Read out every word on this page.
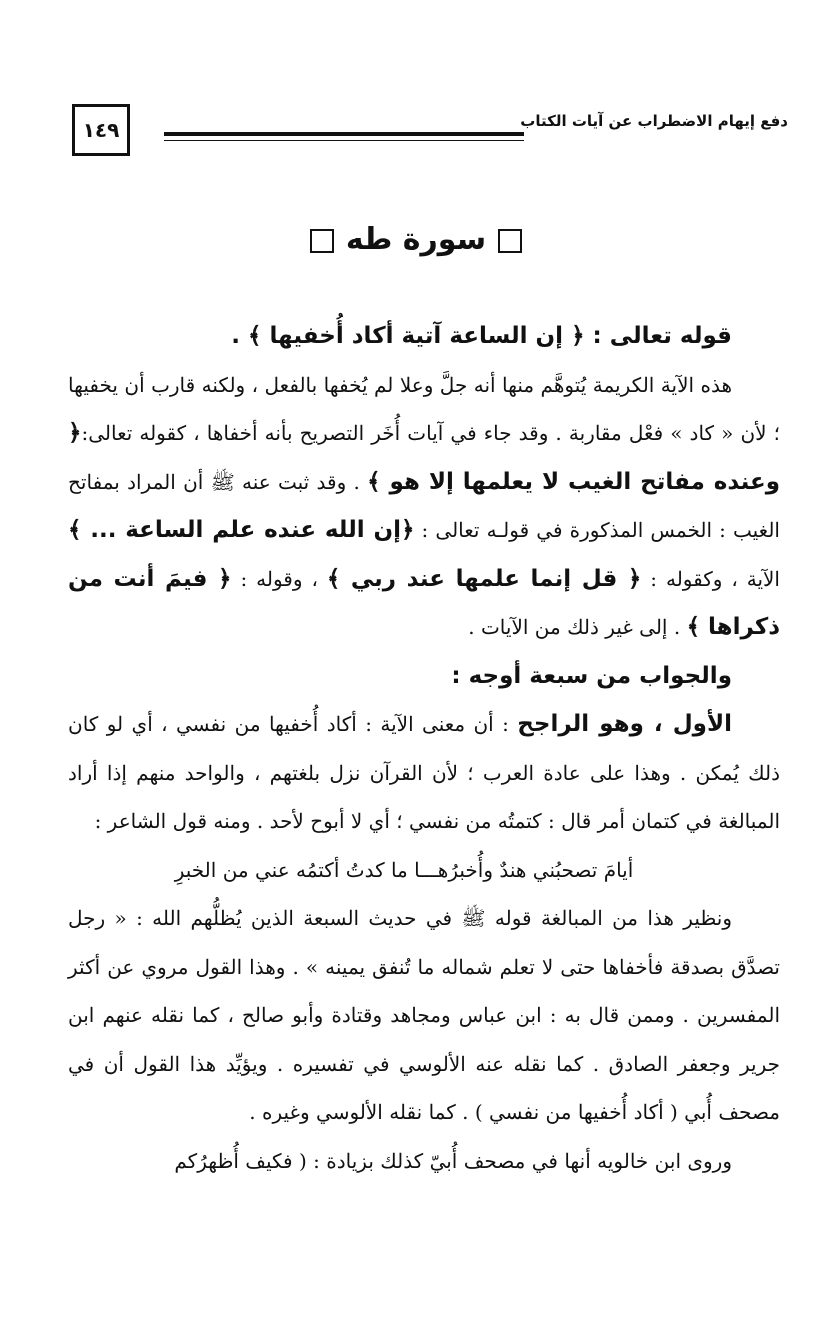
١٤٩	دفع إيهام الاضطراب عن آيات الكتاب
سورة طه

قوله تعالى : ﴿ إن الساعة آتية أكاد أُخفيها ﴾ .

هذه الآية الكريمة يُتوهَّم منها أنه جلَّ وعلا لم يُخفها بالفعل ، ولكنه قارب أن يخفيها ؛ لأن « كاد » فعْل مقاربة . وقد جاء في آيات أُخَر التصريح بأنه أخفاها ، كقوله تعالى:﴿ وعنده مفاتح الغيب لا يعلمها إلا هو ﴾ . وقد ثبت عنه ﷺ أن المراد بمفاتح الغيب : الخمس المذكورة في قولـه تعالى : ﴿إن الله عنده علم الساعة ... ﴾ الآية ، وكقوله : ﴿ قل إنما علمها عند ربي ﴾ ، وقوله : ﴿ فيمَ أنت من ذكراها ﴾ . إلى غير ذلك من الآيات .

والجواب من سبعة أوجه :

الأول ، وهو الراجح : أن معنى الآية : أكاد أُخفيها من نفسي ، أي لو كان ذلك يُمكن . وهذا على عادة العرب ؛ لأن القرآن نزل بلغتهم ، والواحد منهم إذا أراد المبالغة في كتمان أمر قال : كتمتُه من نفسي ؛ أي لا أبوح لأحد . ومنه قول الشاعر :

أيامَ تصحبُني هندٌ وأُخبرُهـــا ما كدتُ أكتمُه عني من الخبرِ

ونظير هذا من المبالغة قوله ﷺ في حديث السبعة الذين يُظلُّهم الله : « رجل تصدَّق بصدقة فأخفاها حتى لا تعلم شماله ما تُنفق يمينه » . وهذا القول مروي عن أكثر المفسرين . وممن قال به : ابن عباس ومجاهد وقتادة وأبو صالح ، كما نقله عنهم ابن جرير وجعفر الصادق . كما نقله عنه الألوسي في تفسيره . ويؤيِّد هذا القول أن في مصحف أُبي ( أكاد أُخفيها من نفسي ) . كما نقله الألوسي وغيره .

وروى ابن خالويه أنها في مصحف أُبيّ كذلك بزيادة : ( فكيف أُظهرُكم
